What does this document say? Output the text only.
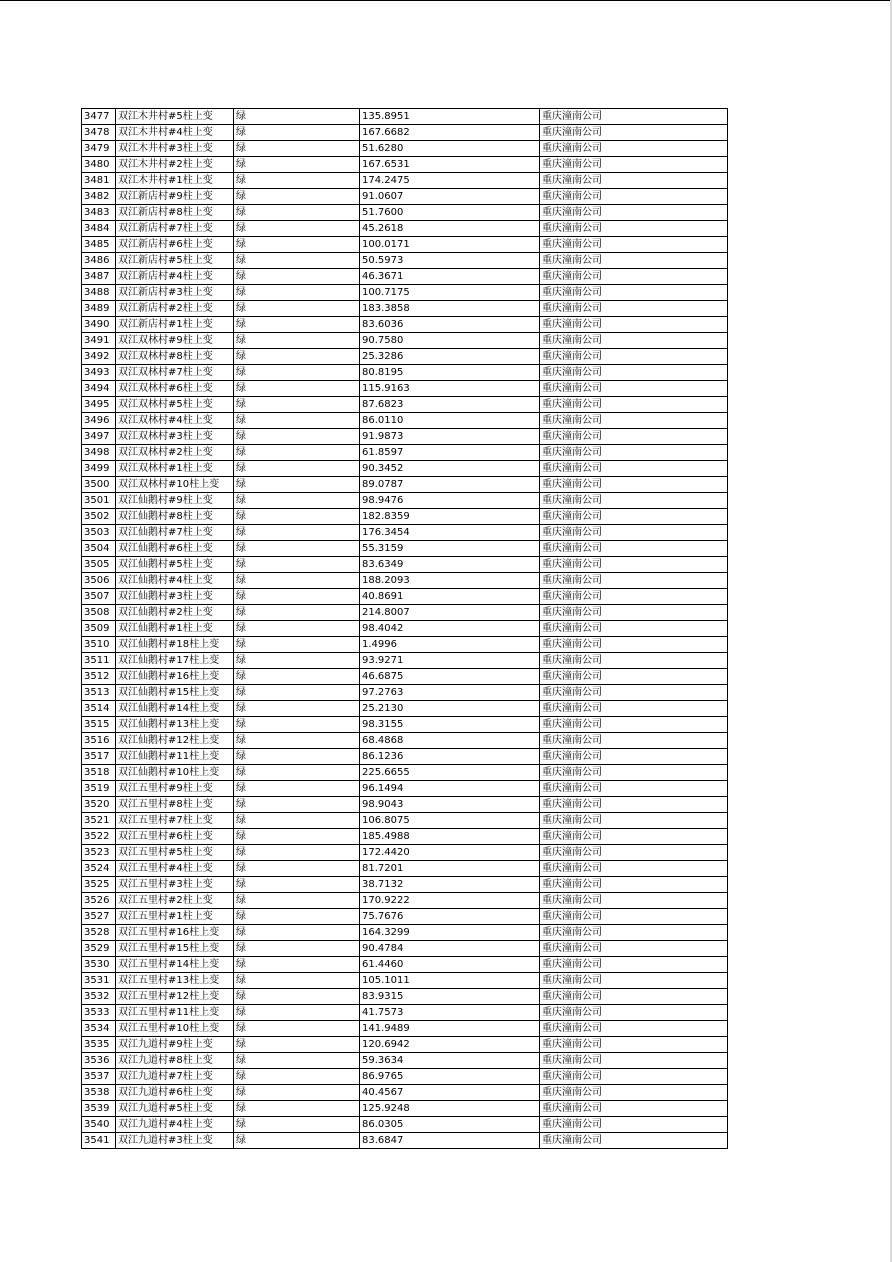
3477	双江木井村#5柱上变	绿	135.8951	重庆潼南公司
3478	双江木井村#4柱上变	绿	167.6682	重庆潼南公司
3479	双江木井村#3柱上变	绿	51.6280	重庆潼南公司
3480	双江木井村#2柱上变	绿	167.6531	重庆潼南公司
3481	双江木井村#1柱上变	绿	174.2475	重庆潼南公司
3482	双江新店村#9柱上变	绿	91.0607	重庆潼南公司
3483	双江新店村#8柱上变	绿	51.7600	重庆潼南公司
3484	双江新店村#7柱上变	绿	45.2618	重庆潼南公司
3485	双江新店村#6柱上变	绿	100.0171	重庆潼南公司
3486	双江新店村#5柱上变	绿	50.5973	重庆潼南公司
3487	双江新店村#4柱上变	绿	46.3671	重庆潼南公司
3488	双江新店村#3柱上变	绿	100.7175	重庆潼南公司
3489	双江新店村#2柱上变	绿	183.3858	重庆潼南公司
3490	双江新店村#1柱上变	绿	83.6036	重庆潼南公司
3491	双江双林村#9柱上变	绿	90.7580	重庆潼南公司
3492	双江双林村#8柱上变	绿	25.3286	重庆潼南公司
3493	双江双林村#7柱上变	绿	80.8195	重庆潼南公司
3494	双江双林村#6柱上变	绿	115.9163	重庆潼南公司
3495	双江双林村#5柱上变	绿	87.6823	重庆潼南公司
3496	双江双林村#4柱上变	绿	86.0110	重庆潼南公司
3497	双江双林村#3柱上变	绿	91.9873	重庆潼南公司
3498	双江双林村#2柱上变	绿	61.8597	重庆潼南公司
3499	双江双林村#1柱上变	绿	90.3452	重庆潼南公司
3500	双江双林村#10柱上变	绿	89.0787	重庆潼南公司
3501	双江仙鹅村#9柱上变	绿	98.9476	重庆潼南公司
3502	双江仙鹅村#8柱上变	绿	182.8359	重庆潼南公司
3503	双江仙鹅村#7柱上变	绿	176.3454	重庆潼南公司
3504	双江仙鹅村#6柱上变	绿	55.3159	重庆潼南公司
3505	双江仙鹅村#5柱上变	绿	83.6349	重庆潼南公司
3506	双江仙鹅村#4柱上变	绿	188.2093	重庆潼南公司
3507	双江仙鹅村#3柱上变	绿	40.8691	重庆潼南公司
3508	双江仙鹅村#2柱上变	绿	214.8007	重庆潼南公司
3509	双江仙鹅村#1柱上变	绿	98.4042	重庆潼南公司
3510	双江仙鹅村#18柱上变	绿	1.4996	重庆潼南公司
3511	双江仙鹅村#17柱上变	绿	93.9271	重庆潼南公司
3512	双江仙鹅村#16柱上变	绿	46.6875	重庆潼南公司
3513	双江仙鹅村#15柱上变	绿	97.2763	重庆潼南公司
3514	双江仙鹅村#14柱上变	绿	25.2130	重庆潼南公司
3515	双江仙鹅村#13柱上变	绿	98.3155	重庆潼南公司
3516	双江仙鹅村#12柱上变	绿	68.4868	重庆潼南公司
3517	双江仙鹅村#11柱上变	绿	86.1236	重庆潼南公司
3518	双江仙鹅村#10柱上变	绿	225.6655	重庆潼南公司
3519	双江五里村#9柱上变	绿	96.1494	重庆潼南公司
3520	双江五里村#8柱上变	绿	98.9043	重庆潼南公司
3521	双江五里村#7柱上变	绿	106.8075	重庆潼南公司
3522	双江五里村#6柱上变	绿	185.4988	重庆潼南公司
3523	双江五里村#5柱上变	绿	172.4420	重庆潼南公司
3524	双江五里村#4柱上变	绿	81.7201	重庆潼南公司
3525	双江五里村#3柱上变	绿	38.7132	重庆潼南公司
3526	双江五里村#2柱上变	绿	170.9222	重庆潼南公司
3527	双江五里村#1柱上变	绿	75.7676	重庆潼南公司
3528	双江五里村#16柱上变	绿	164.3299	重庆潼南公司
3529	双江五里村#15柱上变	绿	90.4784	重庆潼南公司
3530	双江五里村#14柱上变	绿	61.4460	重庆潼南公司
3531	双江五里村#13柱上变	绿	105.1011	重庆潼南公司
3532	双江五里村#12柱上变	绿	83.9315	重庆潼南公司
3533	双江五里村#11柱上变	绿	41.7573	重庆潼南公司
3534	双江五里村#10柱上变	绿	141.9489	重庆潼南公司
3535	双江九道村#9柱上变	绿	120.6942	重庆潼南公司
3536	双江九道村#8柱上变	绿	59.3634	重庆潼南公司
3537	双江九道村#7柱上变	绿	86.9765	重庆潼南公司
3538	双江九道村#6柱上变	绿	40.4567	重庆潼南公司
3539	双江九道村#5柱上变	绿	125.9248	重庆潼南公司
3540	双江九道村#4柱上变	绿	86.0305	重庆潼南公司
3541	双江九道村#3柱上变	绿	83.6847	重庆潼南公司
